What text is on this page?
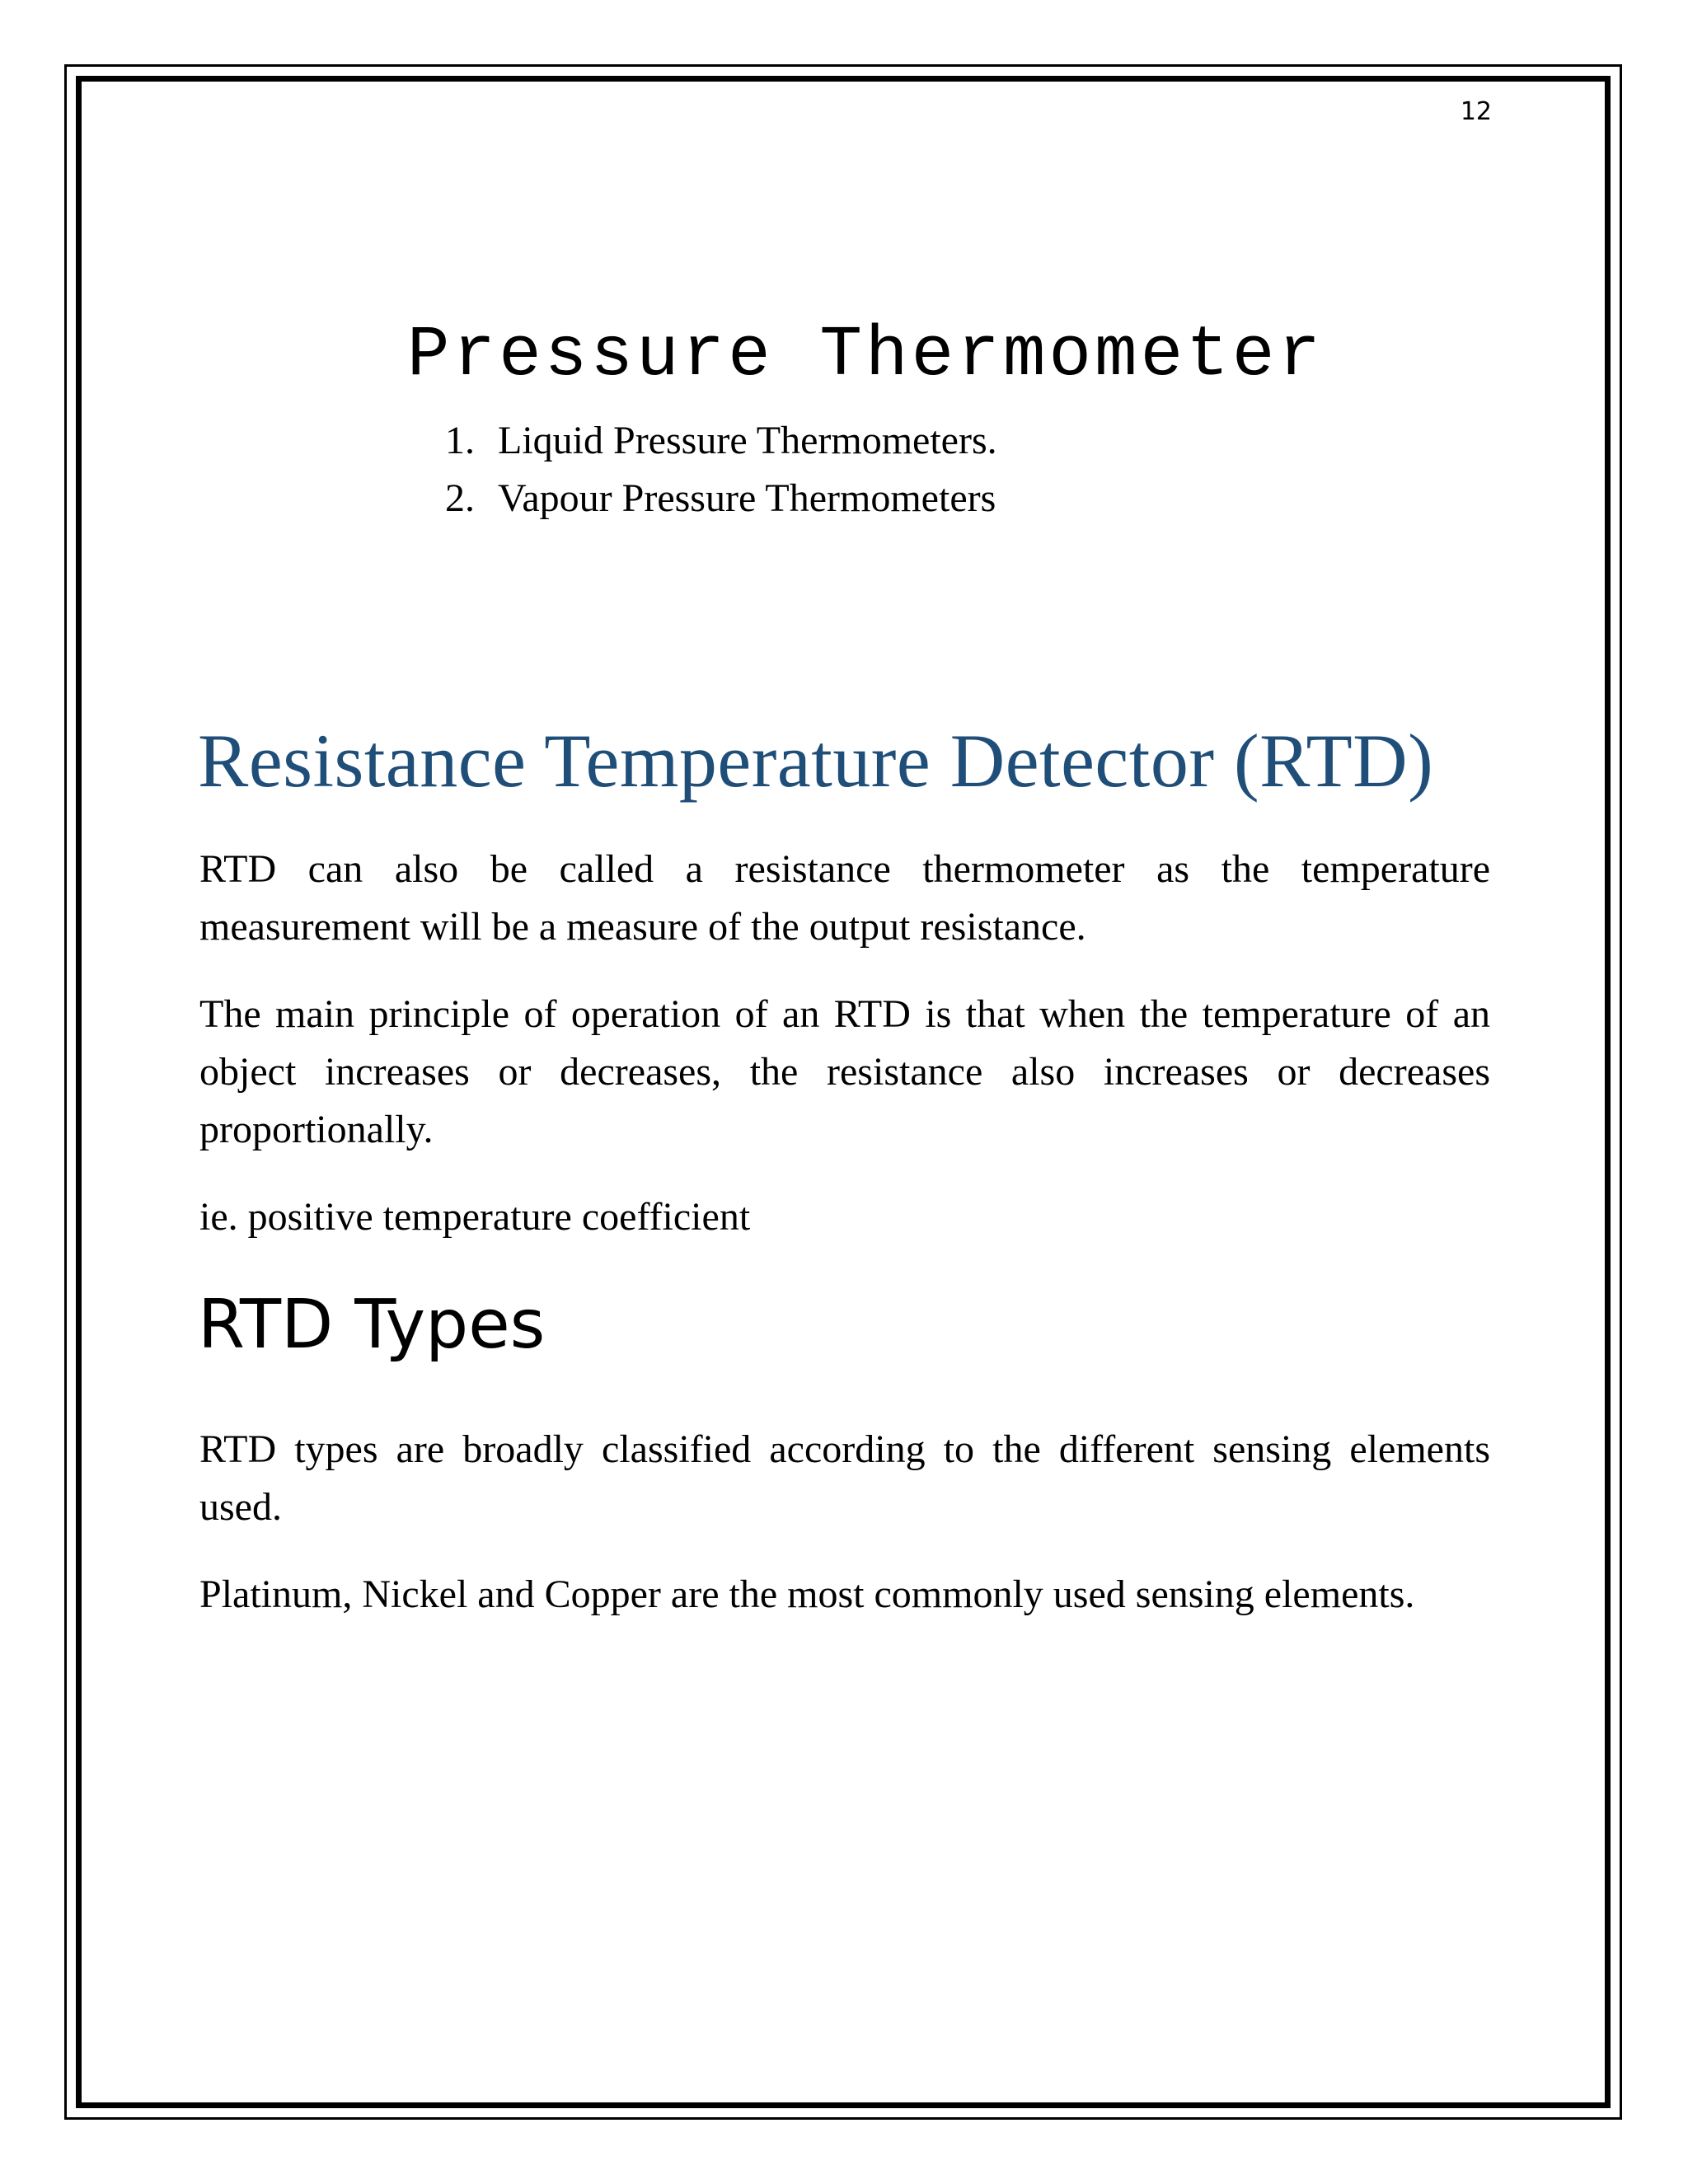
12
Pressure Thermometer
1. Liquid Pressure Thermometers.
2. Vapour Pressure Thermometers
Resistance Temperature Detector (RTD)

RTD can also be called a resistance thermometer as the temperature measurement will be a measure of the output resistance.

The main principle of operation of an RTD is that when the temperature of an object increases or decreases, the resistance also increases or decreases proportionally.

ie. positive temperature coefficient

RTD Types

RTD types are broadly classified according to the different sensing elements used.

Platinum, Nickel and Copper are the most commonly used sensing elements.
